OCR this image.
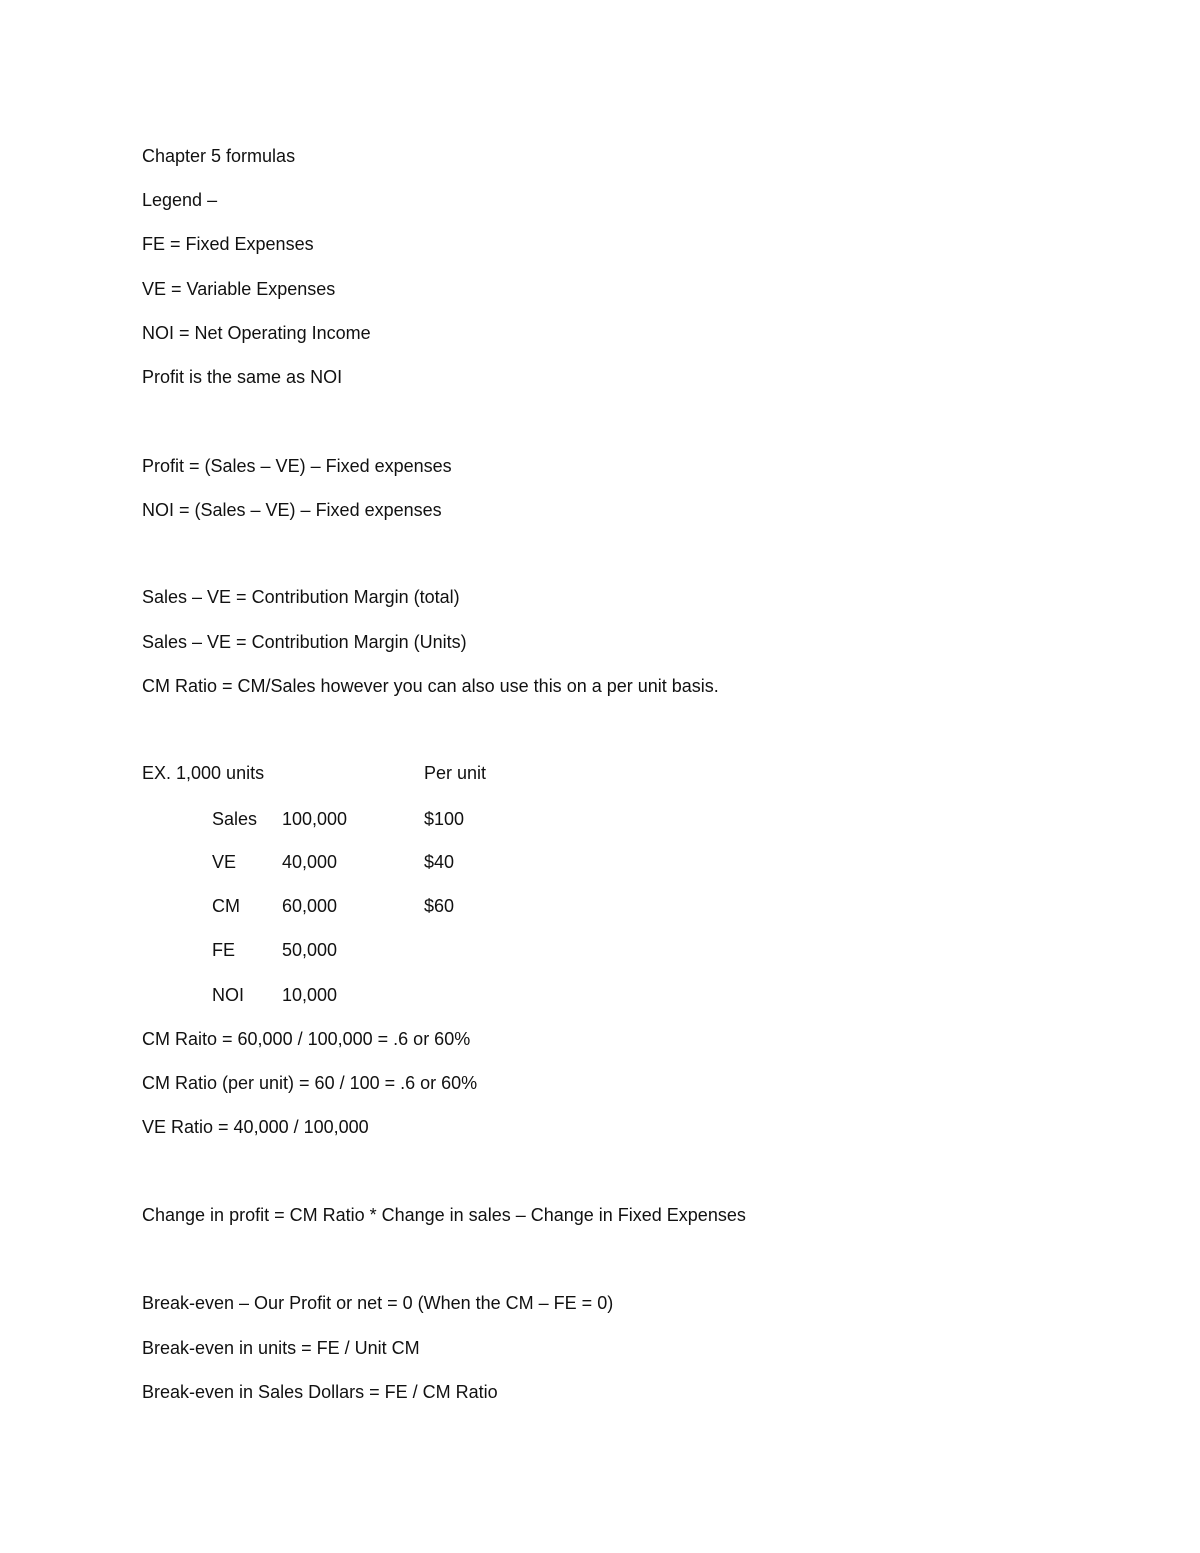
Chapter 5 formulas
Legend –
FE = Fixed Expenses
VE = Variable Expenses
NOI = Net Operating Income
Profit is the same as NOI
Profit = (Sales – VE) – Fixed expenses
NOI = (Sales – VE) – Fixed expenses
Sales – VE = Contribution Margin (total)
Sales – VE = Contribution Margin (Units)
CM Ratio = CM/Sales however you can also use this on a per unit basis.
EX. 1,000 units	Per unit
Sales 100,000	$100
VE	40,000	$40
CM 60,000	$60
FE	50,000
NOI 10,000
CM Raito = 60,000 / 100,000 = .6 or 60%
CM Ratio (per unit) = 60 / 100 = .6 or 60%
VE Ratio = 40,000 / 100,000
Change in profit = CM Ratio * Change in sales – Change in Fixed Expenses
Break-even – Our Profit or net = 0 (When the CM – FE = 0)
Break-even in units = FE / Unit CM
Break-even in Sales Dollars = FE / CM Ratio
